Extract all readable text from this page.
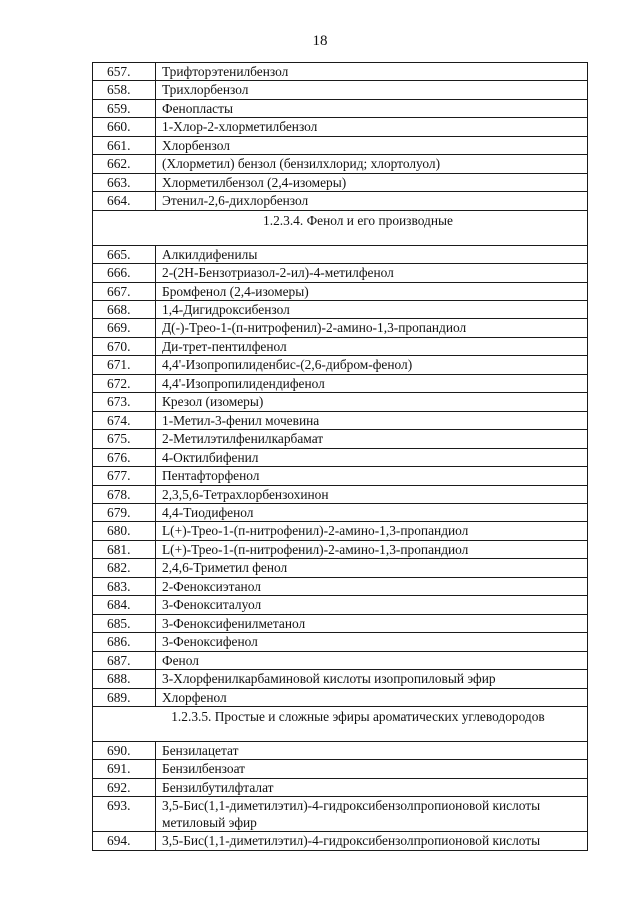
18
657.	Трифторэтенилбензол
658.	Трихлорбензол
659.	Фенопласты
660.	1-Хлор-2-хлорметилбензол
661.	Хлорбензол
662.	(Хлорметил) бензол (бензилхлорид; хлортолуол)
663.	Хлорметилбензол (2,4-изомеры)
664.	Этенил-2,6-дихлорбензол
1.2.3.4. Фенол и его производные	
665.	Алкилдифенилы
666.	2-(2Н-Бензотриазол-2-ил)-4-метилфенол
667.	Бромфенол (2,4-изомеры)
668.	1,4-Дигидроксибензол
669.	Д(-)-Трео-1-(п-нитрофенил)-2-амино-1,3-пропандиол
670.	Ди-трет-пентилфенол
671.	4,4'-Изопропилиденбис-(2,6-дибром-фенол)
672.	4,4'-Изопропилидендифенол
673.	Крезол (изомеры)
674.	1-Метил-3-фенил мочевина
675.	2-Метилэтилфенилкарбамат
676.	4-Октилбифенил
677.	Пентафторфенол
678.	2,3,5,6-Тетрахлорбензохинон
679.	4,4-Тиодифенол
680.	L(+)-Трео-1-(п-нитрофенил)-2-амино-1,3-пропандиол
681.	L(+)-Трео-1-(п-нитрофенил)-2-амино-1,3-пропандиол
682.	2,4,6-Триметил фенол
683.	2-Феноксиэтанол
684.	3-Фенокситалуол
685.	3-Феноксифенилметанол
686.	3-Феноксифенол
687.	Фенол
688.	3-Хлорфенилкарбаминовой кислоты изопропиловый эфир
689.	Хлорфенол
1.2.3.5. Простые и сложные эфиры ароматических углеводородов	
690.	Бензилацетат
691.	Бензилбензоат
692.	Бензилбутилфталат
693.	3,5-Бис(1,1-диметилэтил)-4-гидроксибензолпропионовой кислоты метиловый эфир
694.	3,5-Бис(1,1-диметилэтил)-4-гидроксибензолпропионовой кислоты
